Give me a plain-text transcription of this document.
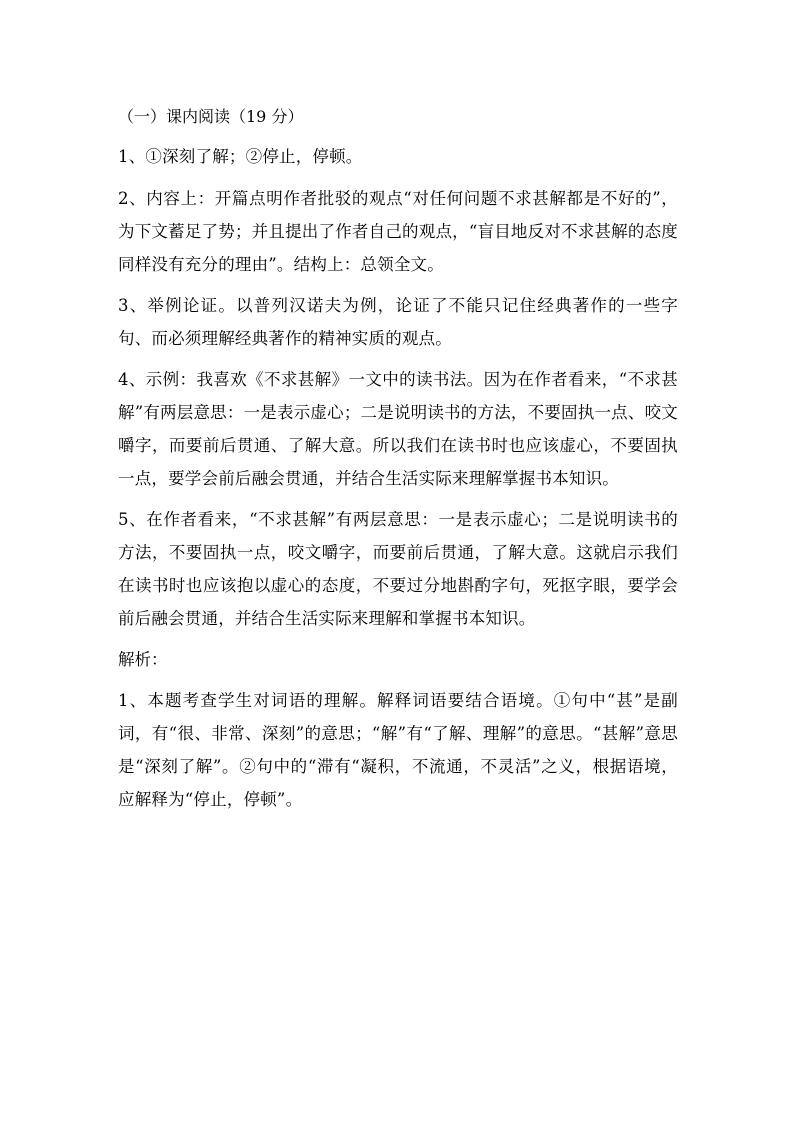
（一）课内阅读（19 分）

1、①深刻了解；②停止，停顿。

2、内容上：开篇点明作者批驳的观点“对任何问题不求甚解都是不好的”，为下文蓄足了势；并且提出了作者自己的观点，“盲目地反对不求甚解的态度同样没有充分的理由”。结构上：总领全文。

3、举例论证。以普列汉诺夫为例，论证了不能只记住经典著作的一些字句、而必须理解经典著作的精神实质的观点。

4、示例：我喜欢《不求甚解》一文中的读书法。因为在作者看来，“不求甚解”有两层意思：一是表示虚心；二是说明读书的方法，不要固执一点、咬文嚼字，而要前后贯通、了解大意。所以我们在读书时也应该虚心，不要固执一点，要学会前后融会贯通，并结合生活实际来理解掌握书本知识。

5、在作者看来，“不求甚解”有两层意思：一是表示虚心；二是说明读书的方法，不要固执一点，咬文嚼字，而要前后贯通，了解大意。这就启示我们在读书时也应该抱以虚心的态度，不要过分地斟酌字句，死抠字眼，要学会前后融会贯通，并结合生活实际来理解和掌握书本知识。

解析：

1、本题考查学生对词语的理解。解释词语要结合语境。①句中“甚”是副词，有“很、非常、深刻”的意思；“解”有“了解、理解”的意思。“甚解”意思是“深刻了解”。②句中的“滞有“凝积，不流通，不灵活”之义，根据语境，应解释为“停止，停顿”。
